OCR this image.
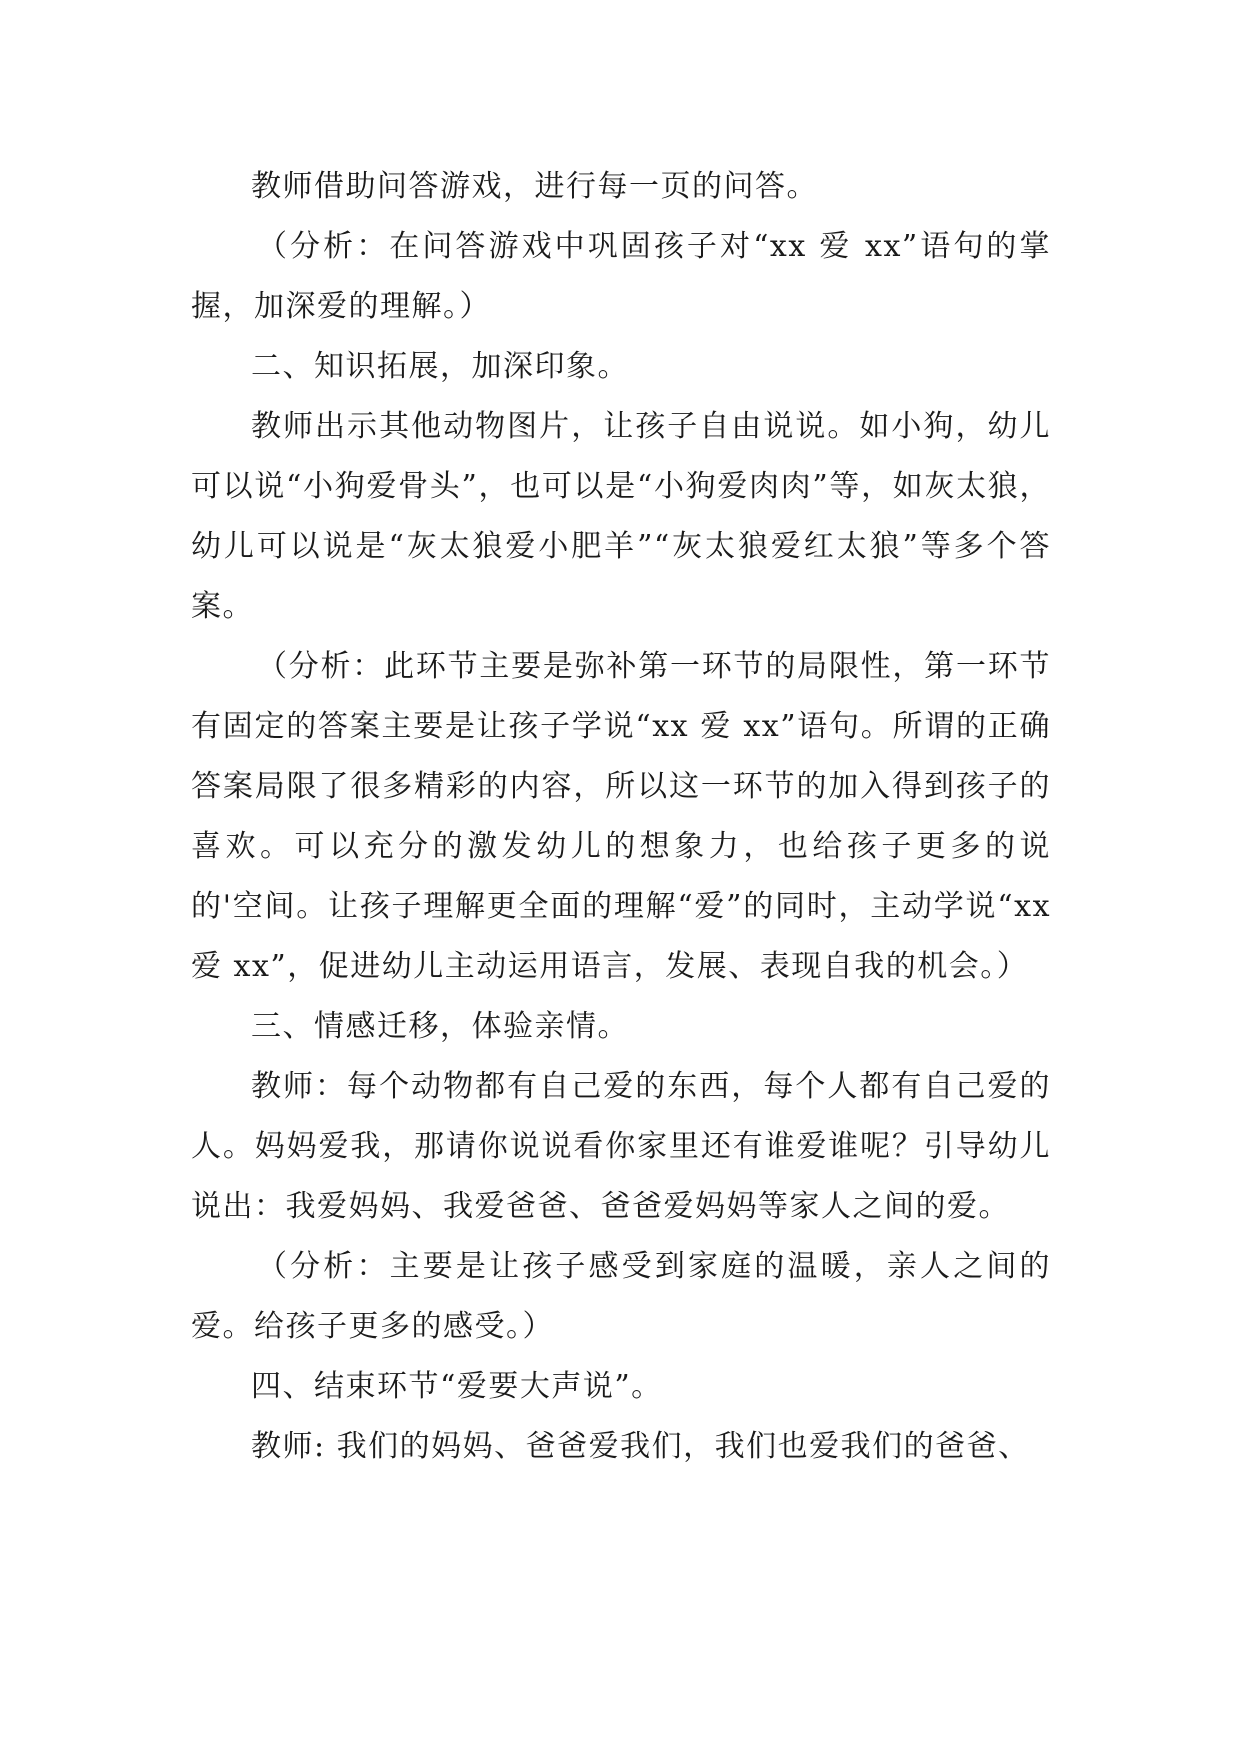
教师借助问答游戏，进行每一页的问答。

（分析：在问答游戏中巩固孩子对“xx 爱 xx”语句的掌握，加深爱的理解。）

二、知识拓展，加深印象。

教师出示其他动物图片，让孩子自由说说。如小狗，幼儿可以说“小狗爱骨头”，也可以是“小狗爱肉肉”等，如灰太狼，幼儿可以说是“灰太狼爱小肥羊”“灰太狼爱红太狼”等多个答案。

（分析：此环节主要是弥补第一环节的局限性，第一环节有固定的答案主要是让孩子学说“xx 爱 xx”语句。所谓的正确答案局限了很多精彩的内容，所以这一环节的加入得到孩子的喜欢。可以充分的激发幼儿的想象力，也给孩子更多的说的'空间。让孩子理解更全面的理解“爱”的同时，主动学说“xx 爱 xx”，促进幼儿主动运用语言，发展、表现自我的机会。）

三、情感迁移，体验亲情。

教师：每个动物都有自己爱的东西，每个人都有自己爱的人。妈妈爱我，那请你说说看你家里还有谁爱谁呢？引导幼儿说出：我爱妈妈、我爱爸爸、爸爸爱妈妈等家人之间的爱。

（分析：主要是让孩子感受到家庭的温暖，亲人之间的爱。给孩子更多的感受。）

四、结束环节“爱要大声说”。

教师: 我们的妈妈、爸爸爱我们，我们也爱我们的爸爸、
